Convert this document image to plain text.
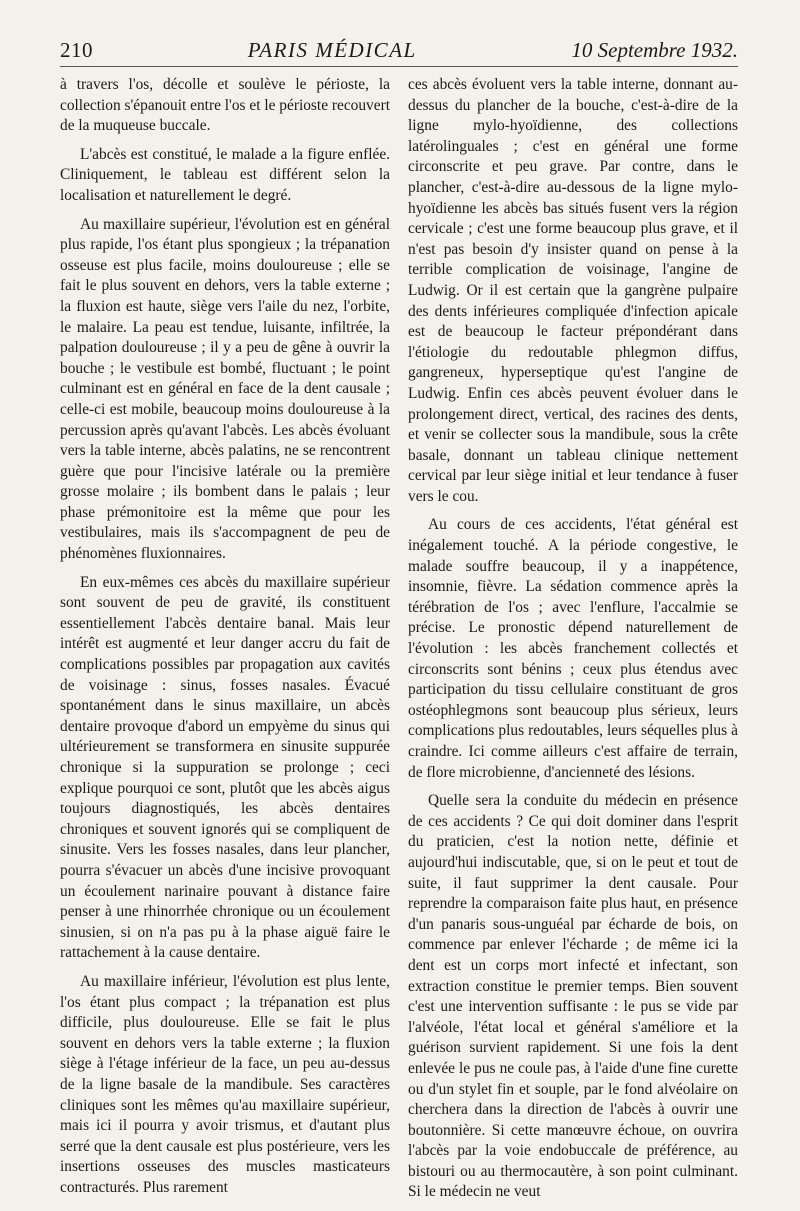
210	PARIS MÉDICAL	10 Septembre 1932.

à travers l'os, décolle et soulève le périoste, la collection s'épanouit entre l'os et le périoste recouvert de la muqueuse buccale.

L'abcès est constitué, le malade a la figure enflée. Cliniquement, le tableau est différent selon la localisation et naturellement le degré.

Au maxillaire supérieur, l'évolution est en général plus rapide, l'os étant plus spongieux ; la trépanation osseuse est plus facile, moins douloureuse ; elle se fait le plus souvent en dehors, vers la table externe ; la fluxion est haute, siège vers l'aile du nez, l'orbite, le malaire. La peau est tendue, luisante, infiltrée, la palpation douloureuse ; il y a peu de gêne à ouvrir la bouche ; le vestibule est bombé, fluctuant ; le point culminant est en général en face de la dent causale ; celle-ci est mobile, beaucoup moins douloureuse à la percussion après qu'avant l'abcès. Les abcès évoluant vers la table interne, abcès palatins, ne se rencontrent guère que pour l'incisive latérale ou la première grosse molaire ; ils bombent dans le palais ; leur phase prémonitoire est la même que pour les vestibulaires, mais ils s'accompagnent de peu de phénomènes fluxionnaires.

En eux-mêmes ces abcès du maxillaire supérieur sont souvent de peu de gravité, ils constituent essentiellement l'abcès dentaire banal. Mais leur intérêt est augmenté et leur danger accru du fait de complications possibles par propagation aux cavités de voisinage : sinus, fosses nasales. Évacué spontanément dans le sinus maxillaire, un abcès dentaire provoque d'abord un empyème du sinus qui ultérieurement se transformera en sinusite suppurée chronique si la suppuration se prolonge ; ceci explique pourquoi ce sont, plutôt que les abcès aigus toujours diagnostiqués, les abcès dentaires chroniques et souvent ignorés qui se compliquent de sinusite. Vers les fosses nasales, dans leur plancher, pourra s'évacuer un abcès d'une incisive provoquant un écoulement narinaire pouvant à distance faire penser à une rhinorrhée chronique ou un écoulement sinusien, si on n'a pas pu à la phase aiguë faire le rattachement à la cause dentaire.

Au maxillaire inférieur, l'évolution est plus lente, l'os étant plus compact ; la trépanation est plus difficile, plus douloureuse. Elle se fait le plus souvent en dehors vers la table externe ; la fluxion siège à l'étage inférieur de la face, un peu au-dessus de la ligne basale de la mandibule. Ses caractères cliniques sont les mêmes qu'au maxillaire supérieur, mais ici il pourra y avoir trismus, et d'autant plus serré que la dent causale est plus postérieure, vers les insertions osseuses des muscles masticateurs contracturés. Plus rarement

ces abcès évoluent vers la table interne, donnant au-dessus du plancher de la bouche, c'est-à-dire de la ligne mylo-hyoïdienne, des collections latérolinguales ; c'est en général une forme circonscrite et peu grave. Par contre, dans le plancher, c'est-à-dire au-dessous de la ligne mylo-hyoïdienne les abcès bas situés fusent vers la région cervicale ; c'est une forme beaucoup plus grave, et il n'est pas besoin d'y insister quand on pense à la terrible complication de voisinage, l'angine de Ludwig. Or il est certain que la gangrène pulpaire des dents inférieures compliquée d'infection apicale est de beaucoup le facteur prépondérant dans l'étiologie du redoutable phlegmon diffus, gangreneux, hyperseptique qu'est l'angine de Ludwig. Enfin ces abcès peuvent évoluer dans le prolongement direct, vertical, des racines des dents, et venir se collecter sous la mandibule, sous la crête basale, donnant un tableau clinique nettement cervical par leur siège initial et leur tendance à fuser vers le cou.

Au cours de ces accidents, l'état général est inégalement touché. A la période congestive, le malade souffre beaucoup, il y a inappétence, insomnie, fièvre. La sédation commence après la térébration de l'os ; avec l'enflure, l'accalmie se précise. Le pronostic dépend naturellement de l'évolution : les abcès franchement collectés et circonscrits sont bénins ; ceux plus étendus avec participation du tissu cellulaire constituant de gros ostéophlegmons sont beaucoup plus sérieux, leurs complications plus redoutables, leurs séquelles plus à craindre. Ici comme ailleurs c'est affaire de terrain, de flore microbienne, d'ancienneté des lésions.

Quelle sera la conduite du médecin en présence de ces accidents ? Ce qui doit dominer dans l'esprit du praticien, c'est la notion nette, définie et aujourd'hui indiscutable, que, si on le peut et tout de suite, il faut supprimer la dent causale. Pour reprendre la comparaison faite plus haut, en présence d'un panaris sous-unguéal par écharde de bois, on commence par enlever l'écharde ; de même ici la dent est un corps mort infecté et infectant, son extraction constitue le premier temps. Bien souvent c'est une intervention suffisante : le pus se vide par l'alvéole, l'état local et général s'améliore et la guérison survient rapidement. Si une fois la dent enlevée le pus ne coule pas, à l'aide d'une fine curette ou d'un stylet fin et souple, par le fond alvéolaire on cherchera dans la direction de l'abcès à ouvrir une boutonnière. Si cette manœuvre échoue, on ouvrira l'abcès par la voie endobuccale de préférence, au bistouri ou au thermocautère, à son point culminant. Si le médecin ne veut
